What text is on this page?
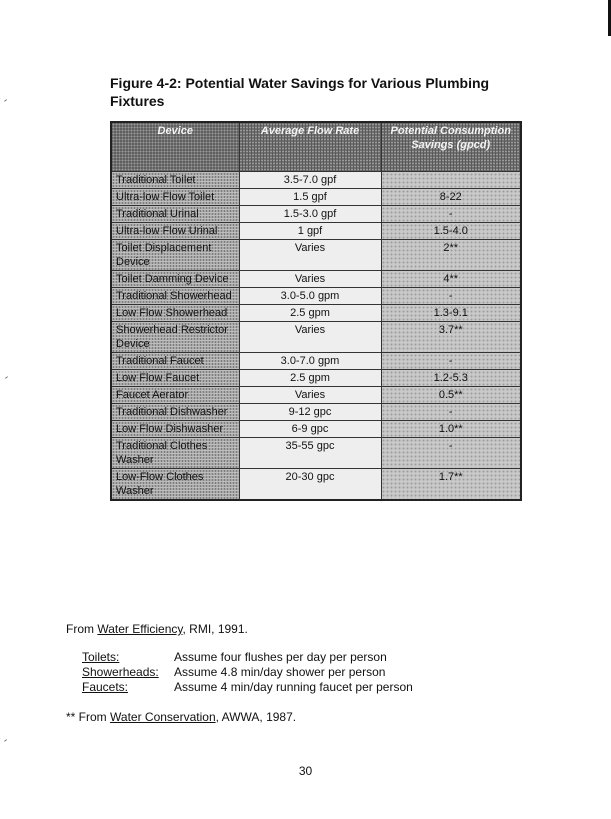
Figure 4-2: Potential Water Savings for Various Plumbing Fixtures
Device	Average Flow Rate	Potential Consumption Savings (gpcd)
Traditional Toilet	3.5-7.0 gpf	
Ultra-low Flow Toilet	1.5 gpf	8-22
Traditional Urinal	1.5-3.0 gpf	-
Ultra-low Flow Urinal	1 gpf	1.5-4.0
Toilet Displacement Device	Varies	2**
Toilet Damming Device	Varies	4**
Traditional Showerhead	3.0-5.0 gpm	-
Low Flow Showerhead	2.5 gpm	1.3-9.1
Showerhead Restrictor Device	Varies	3.7**
Traditional Faucet	3.0-7.0 gpm	-
Low Flow Faucet	2.5 gpm	1.2-5.3
Faucet Aerator	Varies	0.5**
Traditional Dishwasher	9-12 gpc	-
Low Flow Dishwasher	6-9 gpc	1.0**
Traditional Clothes Washer	35-55 gpc	-
Low-Flow Clothes Washer	20-30 gpc	1.7**

From Water Efficiency, RMI, 1991.

Toilets:	Assume four flushes per day per person
Showerheads:	Assume 4.8 min/day shower per person
Faucets:	Assume 4 min/day running faucet per person

** From Water Conservation, AWWA, 1987.

30
